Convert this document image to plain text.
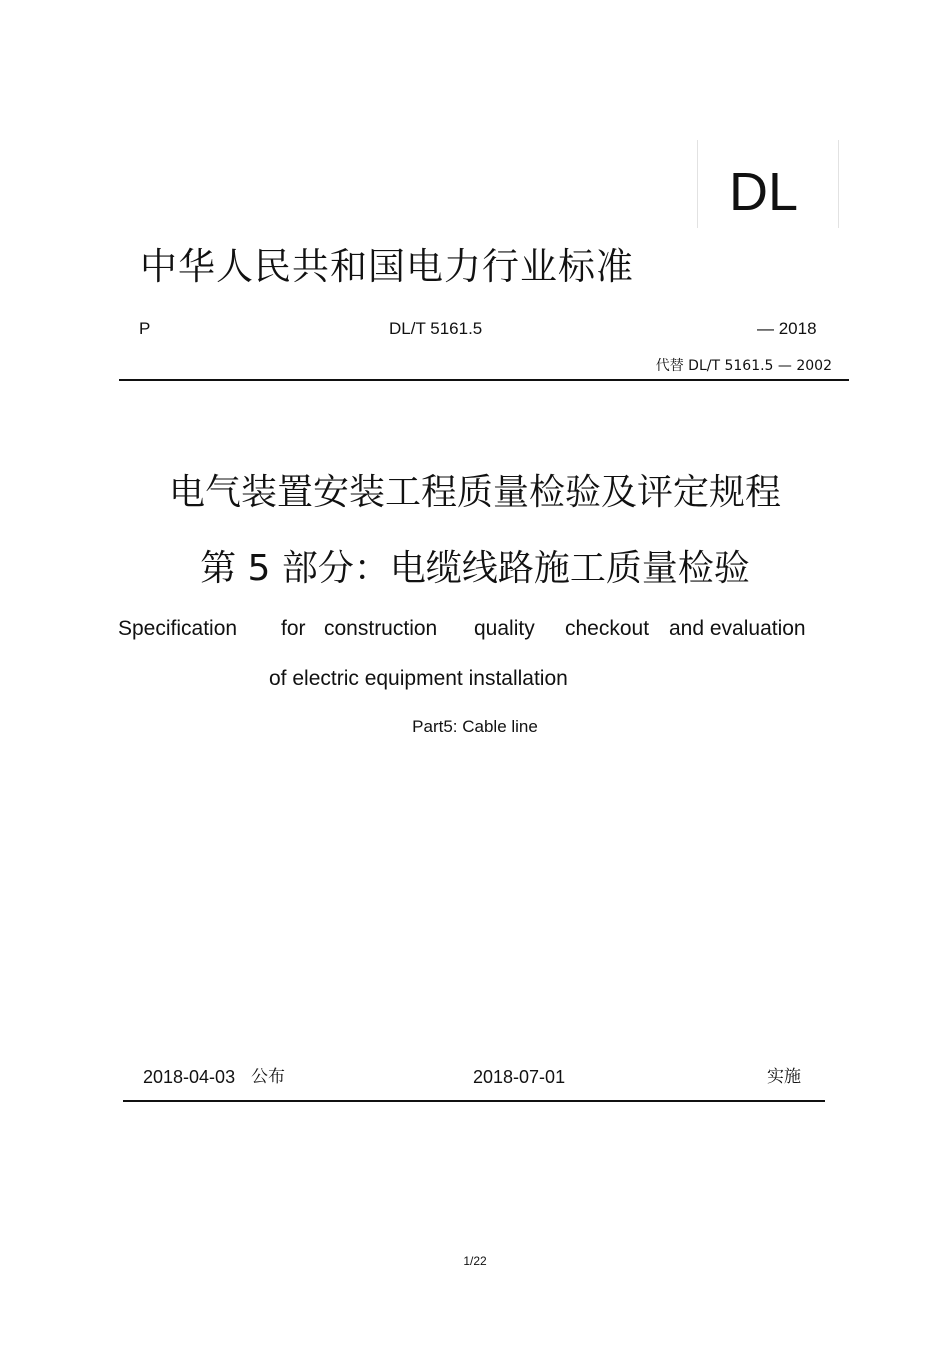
DL
中华人民共和国电力行业标准
P	DL/T 5161.5	— 2018
代替 DL/T 5161.5 — 2002
电气装置安装工程质量检验及评定规程
第 5 部分：电缆线路施工质量检验
Specification for construction quality checkout and evaluation
of electric equipment installation
Part5: Cable line
2018-04-03 公布	2018-07-01	实施
1/22
